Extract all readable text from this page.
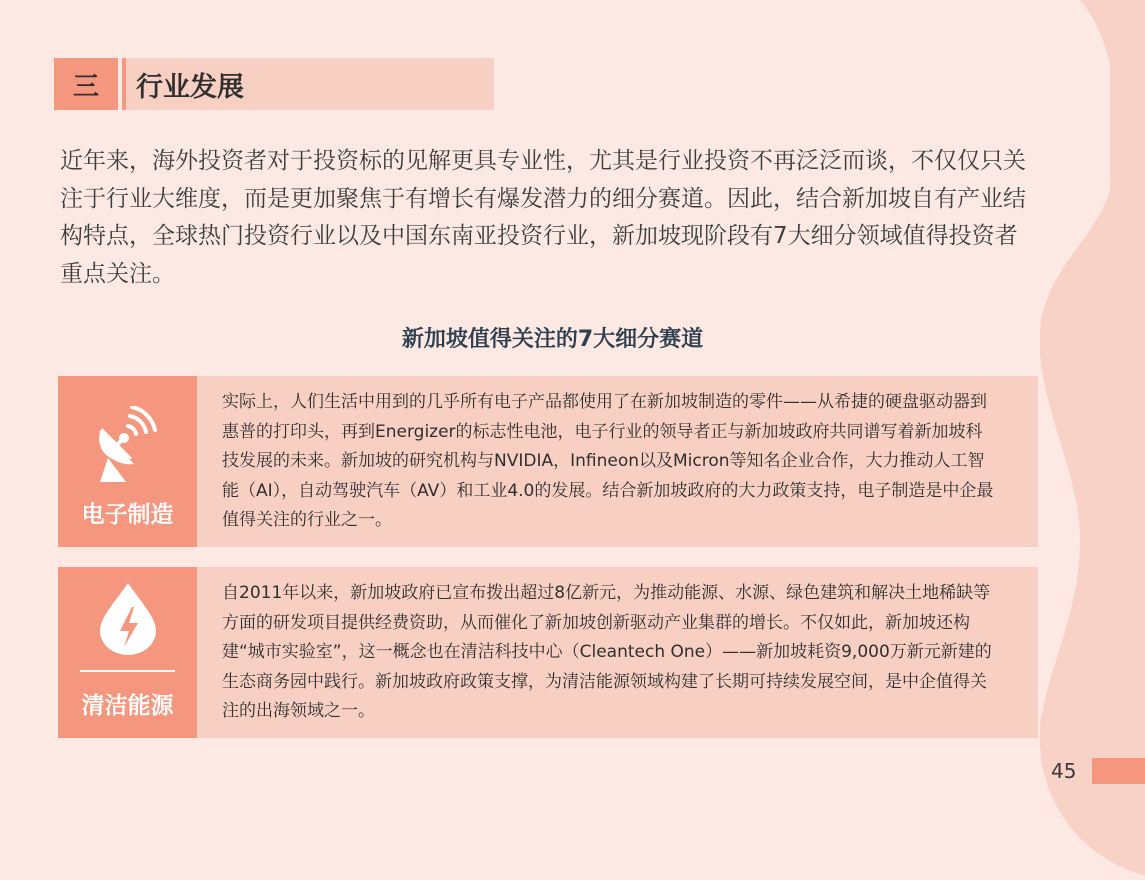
三	行业发展

近年来，海外投资者对于投资标的见解更具专业性，尤其是行业投资不再泛泛而谈，不仅仅只关注于行业大维度，而是更加聚焦于有增长有爆发潜力的细分赛道。因此，结合新加坡自有产业结构特点，全球热门投资行业以及中国东南亚投资行业，新加坡现阶段有7大细分领域值得投资者重点关注。

新加坡值得关注的7大细分赛道
电子制造
实际上，人们生活中用到的几乎所有电子产品都使用了在新加坡制造的零件——从希捷的硬盘驱动器到惠普的打印头，再到Energizer的标志性电池，电子行业的领导者正与新加坡政府共同谱写着新加坡科技发展的未来。新加坡的研究机构与NVIDIA，Infineon以及Micron等知名企业合作，大力推动人工智能（AI），自动驾驶汽车（AV）和工业4.0的发展。结合新加坡政府的大力政策支持，电子制造是中企最值得关注的行业之一。
清洁能源
自2011年以来，新加坡政府已宣布拨出超过8亿新元，为推动能源、水源、绿色建筑和解决土地稀缺等方面的研发项目提供经费资助，从而催化了新加坡创新驱动产业集群的增长。不仅如此，新加坡还构建“城市实验室”，这一概念也在清洁科技中心（Cleantech One）——新加坡耗资9,000万新元新建的生态商务园中践行。新加坡政府政策支撑，为清洁能源领域构建了长期可持续发展空间，是中企值得关注的出海领域之一。
45
